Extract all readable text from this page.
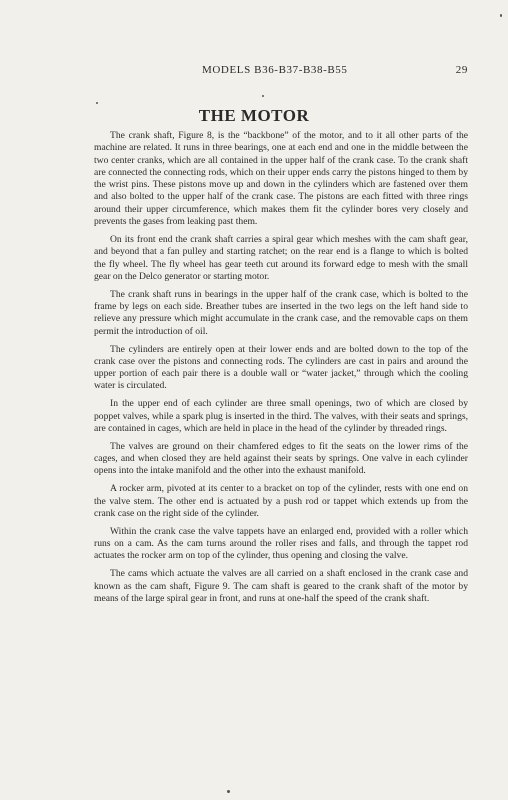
MODELS B36-B37-B38-B55	29
THE MOTOR

The crank shaft, Figure 8, is the “backbone” of the motor, and to it all other parts of the machine are related. It runs in three bearings, one at each end and one in the middle between the two center cranks, which are all contained in the upper half of the crank case. To the crank shaft are connected the connecting rods, which on their upper ends carry the pistons hinged to them by the wrist pins. These pistons move up and down in the cylinders which are fastened over them and also bolted to the upper half of the crank case. The pistons are each fitted with three rings around their upper circumference, which makes them fit the cylinder bores very closely and prevents the gases from leaking past them.

On its front end the crank shaft carries a spiral gear which meshes with the cam shaft gear, and beyond that a fan pulley and starting ratchet; on the rear end is a flange to which is bolted the fly wheel. The fly wheel has gear teeth cut around its forward edge to mesh with the small gear on the Delco generator or starting motor.

The crank shaft runs in bearings in the upper half of the crank case, which is bolted to the frame by legs on each side. Breather tubes are inserted in the two legs on the left hand side to relieve any pressure which might accumulate in the crank case, and the removable caps on them permit the introduction of oil.

The cylinders are entirely open at their lower ends and are bolted down to the top of the crank case over the pistons and connecting rods. The cylinders are cast in pairs and around the upper portion of each pair there is a double wall or “water jacket,” through which the cooling water is circulated.

In the upper end of each cylinder are three small openings, two of which are closed by poppet valves, while a spark plug is inserted in the third. The valves, with their seats and springs, are contained in cages, which are held in place in the head of the cylinder by threaded rings.

The valves are ground on their chamfered edges to fit the seats on the lower rims of the cages, and when closed they are held against their seats by springs. One valve in each cylinder opens into the intake manifold and the other into the exhaust manifold.

A rocker arm, pivoted at its center to a bracket on top of the cylinder, rests with one end on the valve stem. The other end is actuated by a push rod or tappet which extends up from the crank case on the right side of the cylinder.

Within the crank case the valve tappets have an enlarged end, provided with a roller which runs on a cam. As the cam turns around the roller rises and falls, and through the tappet rod actuates the rocker arm on top of the cylinder, thus opening and closing the valve.

The cams which actuate the valves are all carried on a shaft enclosed in the crank case and known as the cam shaft, Figure 9. The cam shaft is geared to the crank shaft of the motor by means of the large spiral gear in front, and runs at one-half the speed of the crank shaft.
